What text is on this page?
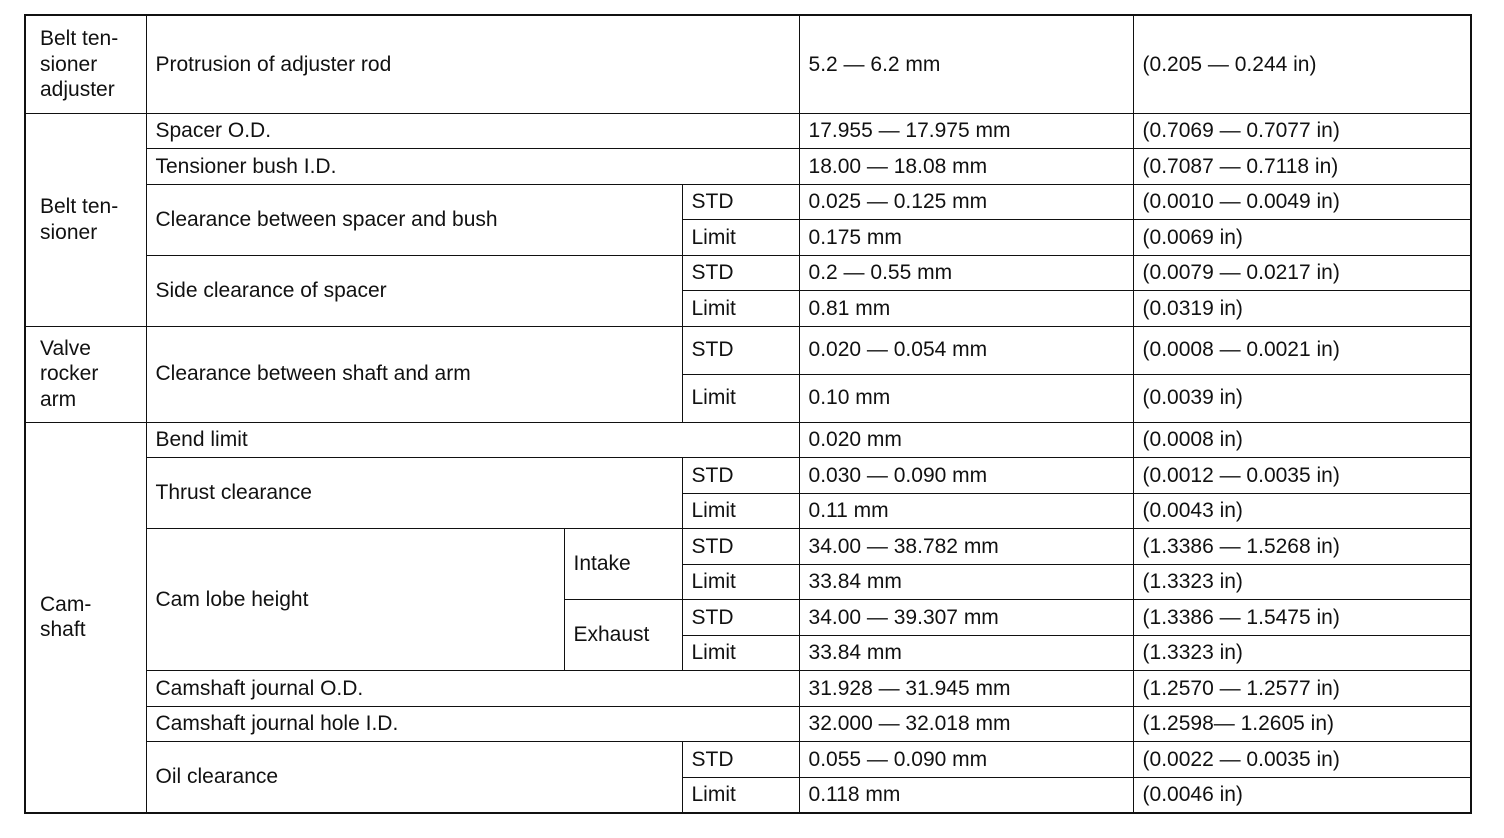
Belt ten-
sioner
adjuster	Protrusion of adjuster rod			5.2 — 6.2 mm	(0.205 — 0.244 in)

Belt ten-
sioner	Spacer O.D.			17.955 — 17.975 mm	(0.7069 — 0.7077 in)
	Tensioner bush I.D.			18.00 — 18.08 mm	(0.7087 — 0.7118 in)
	Clearance between spacer and bush		STD	0.025 — 0.125 mm	(0.0010 — 0.0049 in)
			Limit	0.175 mm	(0.0069 in)
	Side clearance of spacer		STD	0.2 — 0.55 mm	(0.0079 — 0.0217 in)
			Limit	0.81 mm	(0.0319 in)

Valve
rocker
arm	Clearance between shaft and arm		STD	0.020 — 0.054 mm	(0.0008 — 0.0021 in)
			Limit	0.10 mm	(0.0039 in)

Cam-
shaft	Bend limit			0.020 mm	(0.0008 in)
	Thrust clearance		STD	0.030 — 0.090 mm	(0.0012 — 0.0035 in)
			Limit	0.11 mm	(0.0043 in)
	Cam lobe height	Intake	STD	34.00 — 38.782 mm	(1.3386 — 1.5268 in)
			Limit	33.84 mm	(1.3323 in)
		Exhaust	STD	34.00 — 39.307 mm	(1.3386 — 1.5475 in)
			Limit	33.84 mm	(1.3323 in)
	Camshaft journal O.D.			31.928 — 31.945 mm	(1.2570 — 1.2577 in)
	Camshaft journal hole I.D.			32.000 — 32.018 mm	(1.2598— 1.2605 in)
	Oil clearance		STD	0.055 — 0.090 mm	(0.0022 — 0.0035 in)
			Limit	0.118 mm	(0.0046 in)
